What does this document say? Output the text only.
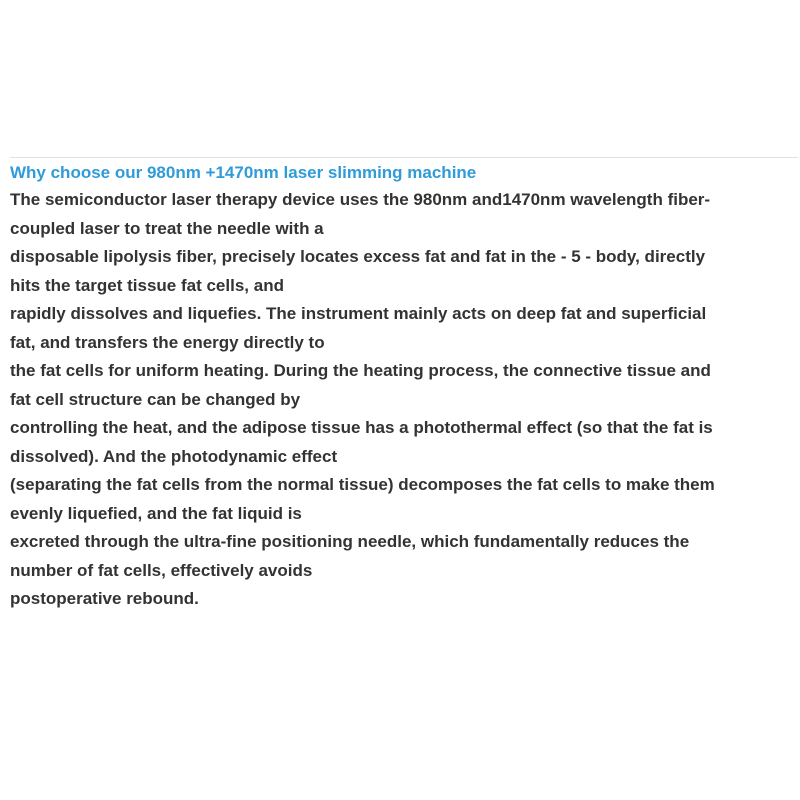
Why choose our 980nm +1470nm laser slimming machine

The semiconductor laser therapy device uses the 980nm and1470nm wavelength fiber-

coupled laser to treat the needle with a

disposable lipolysis fiber, precisely locates excess fat and fat in the - 5 - body, directly

hits the target tissue fat cells, and

rapidly dissolves and liquefies. The instrument mainly acts on deep fat and superficial

fat, and transfers the energy directly to

the fat cells for uniform heating. During the heating process, the connective tissue and

fat cell structure can be changed by

controlling the heat, and the adipose tissue has a photothermal effect (so that the fat is

dissolved). And the photodynamic effect

(separating the fat cells from the normal tissue) decomposes the fat cells to make them

evenly liquefied, and the fat liquid is

excreted through the ultra-fine positioning needle, which fundamentally reduces the

number of fat cells, effectively avoids

postoperative rebound.
